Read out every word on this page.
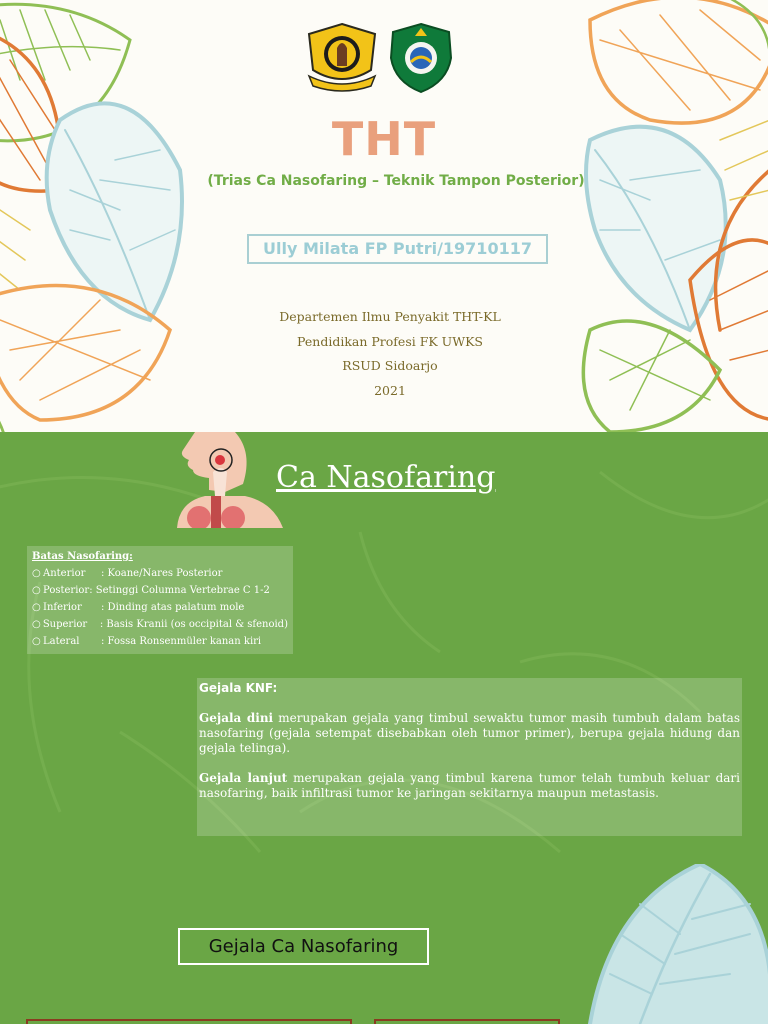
THT
(Trias Ca Nasofaring – Teknik Tampon Posterior)
Ully Milata FP Putri/19710117
Departemen Ilmu Penyakit THT-KL
Pendidikan Profesi FK UWKS
RSUD Sidoarjo
2021
Ca Nasofaring
Batas Nasofaring:
○ Anterior	: Koane/Nares Posterior
○ Posterior : Setinggi Columna Vertebrae C 1-2
○ Inferior	: Dinding atas palatum mole
○ Superior	: Basis Kranii (os occipital & sfenoid)
○ Lateral	: Fossa Ronsenmüler kanan kiri
Gejala KNF:

Gejala dini merupakan gejala yang timbul sewaktu tumor masih tumbuh dalam batas nasofaring (gejala setempat disebabkan oleh tumor primer), berupa gejala hidung dan gejala telinga).

Gejala lanjut merupakan gejala yang timbul karena tumor telah tumbuh keluar dari nasofaring, baik infiltrasi tumor ke jaringan sekitarnya maupun metastasis.

Gejala Ca Nasofaring
